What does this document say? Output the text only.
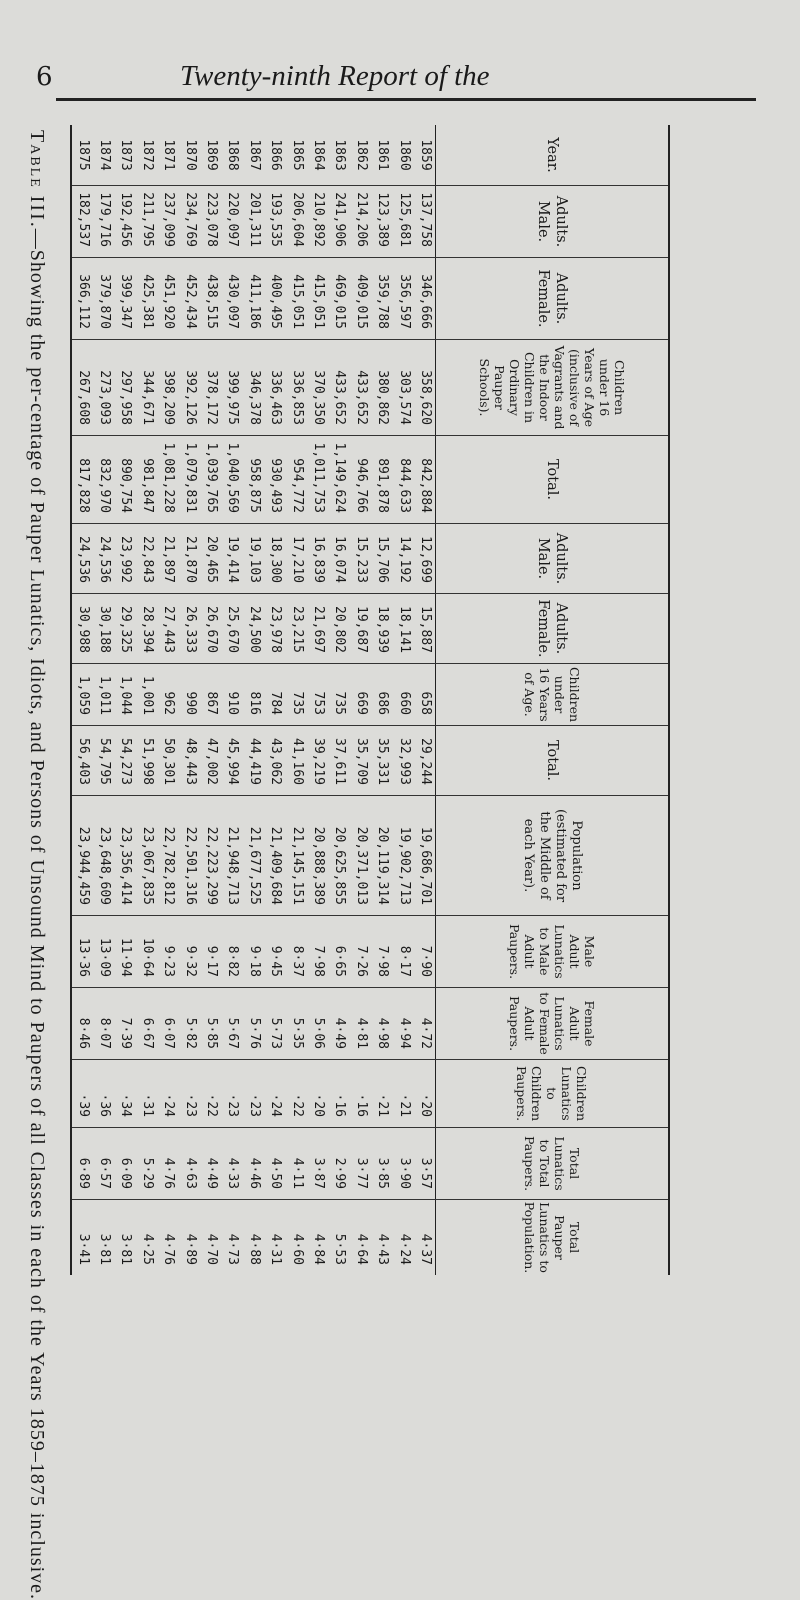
6	Twenty-ninth Report of the
Table III.—Showing the per-centage of Pauper Lunatics, Idiots, and Persons of Unsound Mind to Paupers of all Classes in each of the Years 1859–1875 inclusive.
Year.
Adults. Male.
Adults. Female.
Children under 16 Years of Age (inclusive of Vagrants and the Indoor Children in Ordinary Pauper Schools).
Total.
Adults. Male.
Adults. Female.
Children under 16 Years of Age.
Total.
Population (estimated for the Middle of each Year).
Male Adult Lunatics to Male Adult Paupers.
Female Adult Lunatics to Female Adult Paupers.
Children Lunatics to Children Paupers.
Total Lunatics to Total Paupers.
Total Pauper Lunatics to Population.
1859
137,758
346,666
358,620
842,884
12,699
15,887
658
29,244
19,686,701
7·90
4·72
·20
3·57
4·37
1860
125,681
356,597
303,574
844,633
14,192
18,141
660
32,993
19,902,713
8·17
4·94
·21
3·90
4·24
1861
123,389
359,788
380,862
891,878
15,706
18,939
686
35,331
20,119,314
7·98
4·98
·21
3·85
4·43
1862
214,206
409,015
433,652
946,766
15,233
19,687
669
35,709
20,371,013
7·26
4·81
·16
3·77
4·64
1863
241,906
469,015
433,652
1,149,624
16,074
20,802
735
37,611
20,625,855
6·65
4·49
·16
2·99
5·53
1864
210,892
415,051
370,350
1,011,753
16,839
21,697
753
39,219
20,888,389
7·98
5·06
·20
3·87
4·84
1865
206,604
415,051
336,853
954,772
17,210
23,215
735
41,160
21,145,151
8·37
5·35
·22
4·11
4·60
1866
193,535
400,495
336,463
930,493
18,300
23,978
784
43,062
21,409,684
9·45
5·73
·24
4·50
4·31
1867
201,311
411,186
346,378
958,875
19,103
24,500
816
44,419
21,677,525
9·18
5·76
·23
4·46
4·88
1868
220,097
430,097
399,975
1,040,569
19,414
25,670
910
45,994
21,948,713
8·82
5·67
·23
4·33
4·73
1869
223,078
438,515
378,172
1,039,765
20,465
26,670
867
47,002
22,223,299
9·17
5·85
·22
4·49
4·70
1870
234,769
452,434
392,126
1,079,831
21,870
26,333
990
48,443
22,501,316
9·32
5·82
·23
4·63
4·89
1871
237,099
451,920
398,209
1,081,228
21,897
27,443
962
50,301
22,782,812
9·23
6·07
·24
4·76
4·76
1872
211,795
425,381
344,671
981,847
22,843
28,394
1,001
51,998
23,067,835
10·64
6·67
·31
5·29
4·25
1873
192,456
399,347
297,958
890,754
23,992
29,325
1,044
54,273
23,356,414
11·94
7·39
·34
6·09
3·81
1874
179,716
379,870
273,093
832,970
24,536
30,188
1,011
54,795
23,648,609
13·09
8·07
·36
6·57
3·81
1875
182,537
366,112
267,608
817,828
24,536
30,988
1,059
56,403
23,944,459
13·36
8·46
·39
6·89
3·41
